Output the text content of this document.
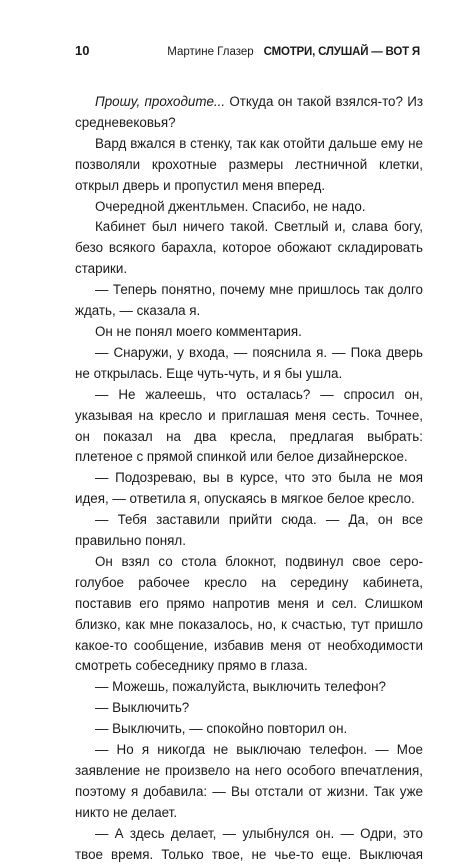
10	Мартине Глазер СМОТРИ, СЛУШАЙ — ВОТ Я

Прошу, проходите... Откуда он такой взялся-то? Из средневековья?

Вард вжался в стенку, так как отойти дальше ему не позволяли крохотные размеры лестничной клетки, открыл дверь и пропустил меня вперед.

Очередной джентльмен. Спасибо, не надо.

Кабинет был ничего такой. Светлый и, слава богу, безо всякого барахла, которое обожают складировать старики.

— Теперь понятно, почему мне пришлось так долго ждать, — сказала я.

Он не понял моего комментария.

— Снаружи, у входа, — пояснила я. — Пока дверь не открылась. Еще чуть-чуть, и я бы ушла.

— Не жалеешь, что осталась? — спросил он, указывая на кресло и приглашая меня сесть. Точнее, он показал на два кресла, предлагая выбрать: плетеное с прямой спинкой или белое дизайнерское.

— Подозреваю, вы в курсе, что это была не моя идея, — ответила я, опускаясь в мягкое белое кресло.

— Тебя заставили прийти сюда. — Да, он все правильно понял.

Он взял со стола блокнот, подвинул свое серо-голубое рабочее кресло на середину кабинета, поставив его прямо напротив меня и сел. Слишком близко, как мне показалось, но, к счастью, тут пришло какое-то сообщение, избавив меня от необходимости смотреть собеседнику прямо в глаза.

— Можешь, пожалуйста, выключить телефон?

— Выключить?

— Выключить, — спокойно повторил он.

— Но я никогда не выключаю телефон. — Мое заявление не произвело на него особого впечатления, поэтому я добавила: — Вы отстали от жизни. Так уже никто не делает.

— А здесь делает, — улыбнулся он. — Одри, это твое время. Только твое, не чье-то еще. Выключая
